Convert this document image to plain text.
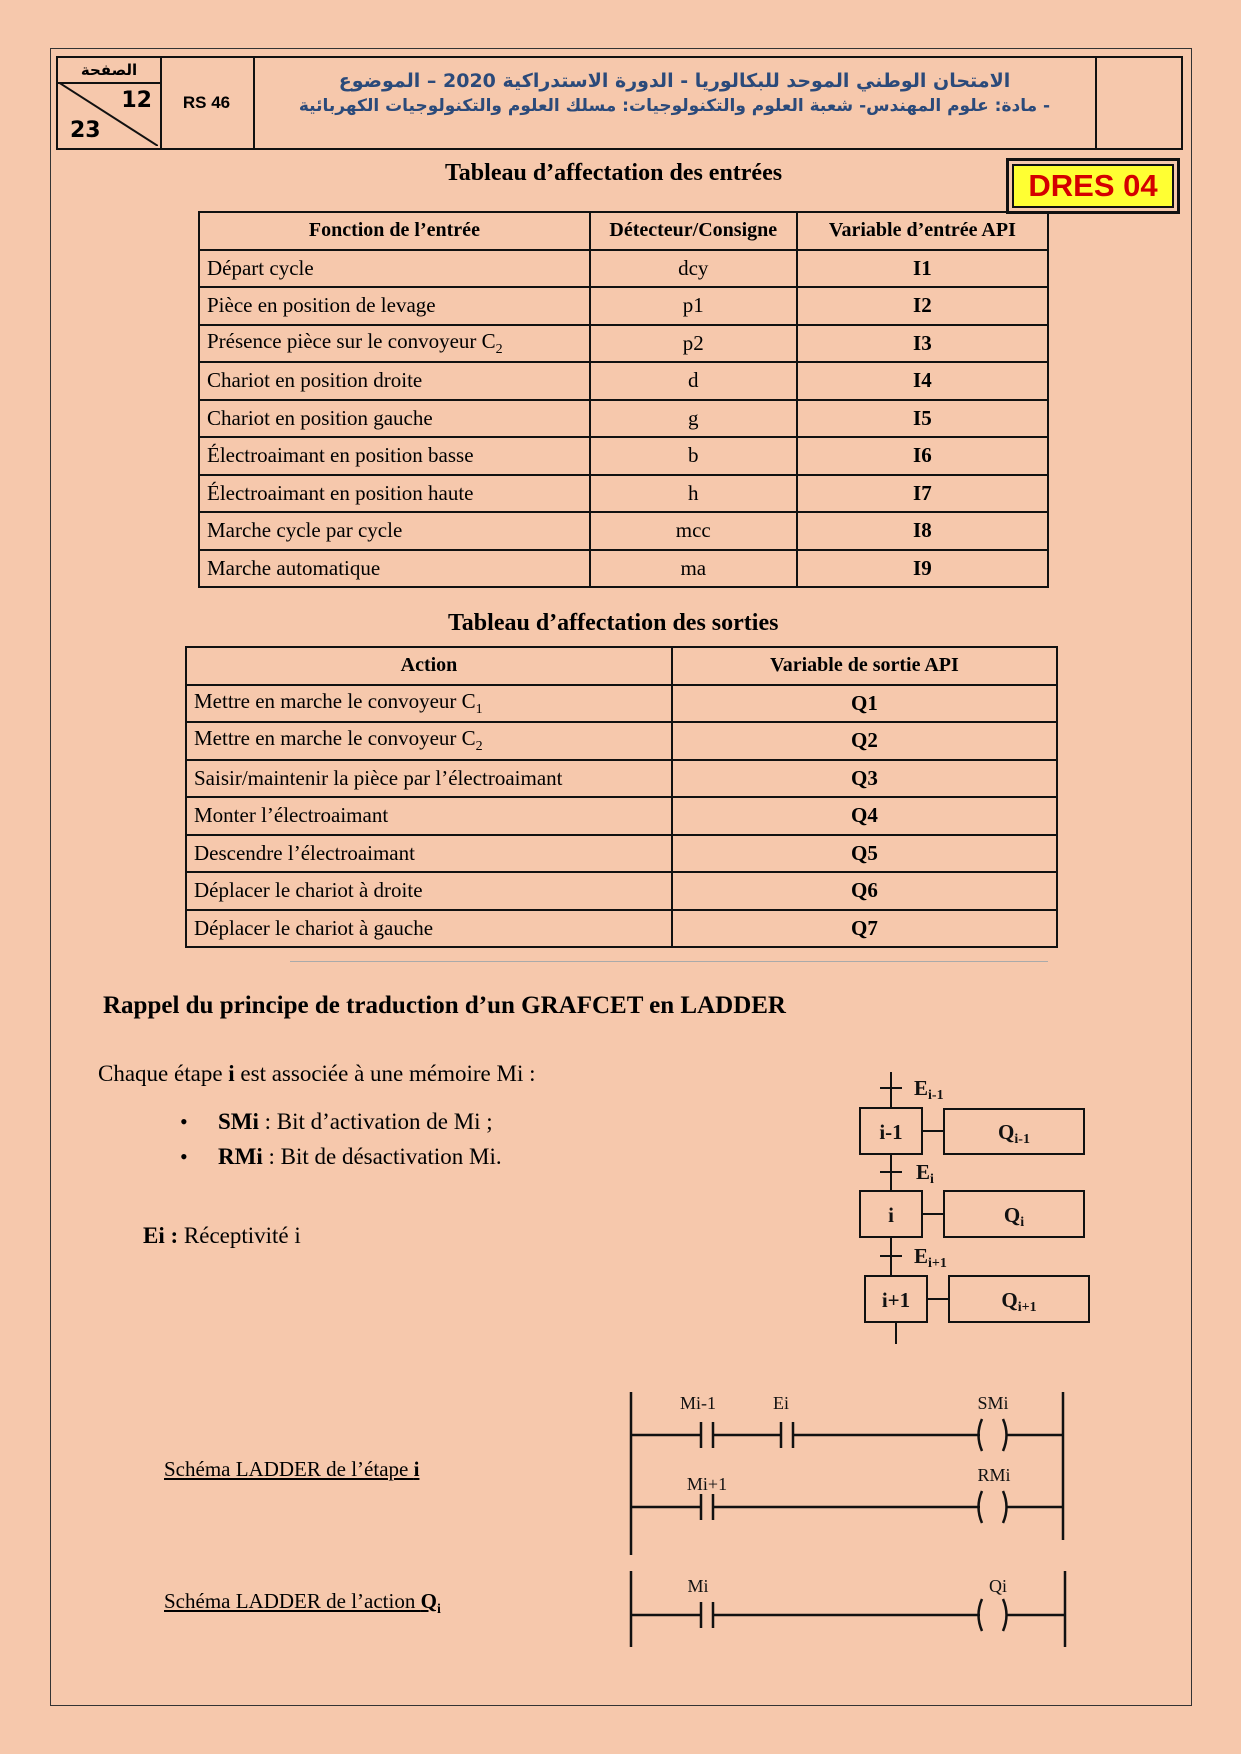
الصفحة
12
23
RS 46
الامتحان الوطني الموحد للبكالوريا - الدورة الاستدراكية 2020 – الموضوع
- مادة: علوم المهندس- شعبة العلوم والتكنولوجيات: مسلك العلوم والتكنولوجيات الكهربائية
DRES 04
Tableau d’affectation des entrées
Fonction de l’entrée	Détecteur/Consigne	Variable d’entrée API
Départ cycle	dcy	I1
Pièce en position de levage	p1	I2
Présence pièce sur le convoyeur $C_2$	p2	I3
Chariot en position droite	d	I4
Chariot en position gauche	g	I5
Électroaimant en position basse	b	I6
Électroaimant en position haute	h	I7
Marche cycle par cycle	mcc	I8
Marche automatique	ma	I9
Tableau d’affectation des sorties
Action	Variable de sortie API
Mettre en marche le convoyeur $C_1$	Q1
Mettre en marche le convoyeur $C_2$	Q2
Saisir/maintenir la pièce par l’électroaimant	Q3
Monter l’électroaimant	Q4
Descendre l’électroaimant	Q5
Déplacer le chariot à droite	Q6
Déplacer le chariot à gauche	Q7
Rappel du principe de traduction d’un GRAFCET en LADDER
Chaque étape i est associée à une mémoire Mi :
• SMi : Bit d’activation de Mi ;
• RMi : Bit de désactivation Mi.
Ei : Réceptivité i
Ei-1
i-1	Qi-1
Ei
i	Qi
Ei+1
i+1	Qi+1
Schéma LADDER de l’étape i
Schéma LADDER de l’action $Q_i$
Mi-1	Ei	SMi
Mi+1	RMi
Mi	Qi
